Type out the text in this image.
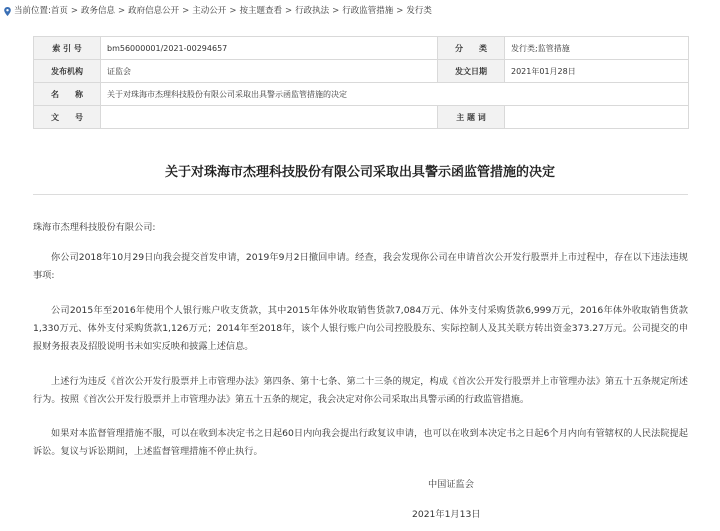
当前位置: 首页 > 政务信息 > 政府信息公开 > 主动公开 > 按主题查看 > 行政执法 > 行政监管措施 > 发行类
索 引 号	bm56000001/2021-00294657	分　　类	发行类;监管措施
发布机构	证监会	发文日期	2021年01月28日
名　　称	关于对珠海市杰理科技股份有限公司采取出具警示函监管措施的决定		
文　　号		主 题 词	
关于对珠海市杰理科技股份有限公司采取出具警示函监管措施的决定
珠海市杰理科技股份有限公司:
你公司2018年10月29日向我会提交首发申请，2019年9月2日撤回申请。经查，我会发现你公司在申请首次公开发行股票并上市过程中，存在以下违法违规事项:
公司2015年至2016年使用个人银行账户收支货款，其中2015年体外收取销售货款7,084万元、体外支付采购货款6,999万元，2016年体外收取销售货款1,330万元、体外支付采购货款1,126万元；2014年至2018年，该个人银行账户向公司控股股东、实际控制人及其关联方转出资金373.27万元。公司提交的申报财务报表及招股说明书未如实反映和披露上述信息。
上述行为违反《首次公开发行股票并上市管理办法》第四条、第十七条、第二十三条的规定，构成《首次公开发行股票并上市管理办法》第五十五条规定所述行为。按照《首次公开发行股票并上市管理办法》第五十五条的规定，我会决定对你公司采取出具警示函的行政监管措施。
如果对本监督管理措施不服，可以在收到本决定书之日起60日内向我会提出行政复议申请，也可以在收到本决定书之日起6个月内向有管辖权的人民法院提起诉讼。复议与诉讼期间，上述监督管理措施不停止执行。
中国证监会
2021年1月13日
